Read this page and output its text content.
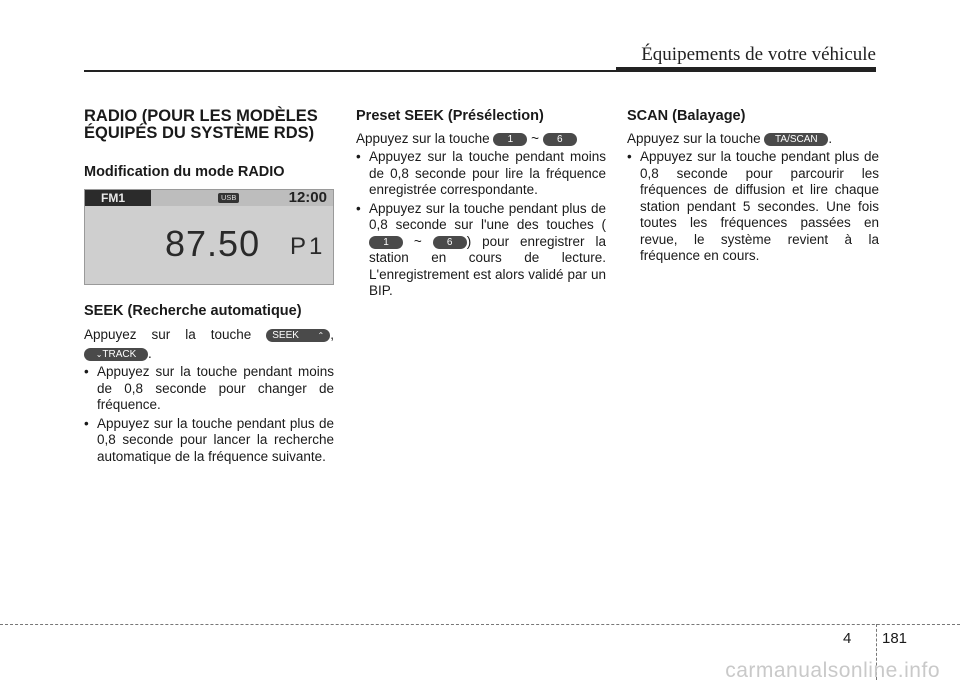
Équipements de votre véhicule
RADIO (POUR LES MODÈLES ÉQUIPÉS DU SYSTÈME RDS)
Modification du mode RADIO
FM1	USB	12:00
87.50 P1
SEEK (Recherche automatique)

Appuyez sur la touche SEEK ⌃ ,

⌄TRACK .

• Appuyez sur la touche pendant moins de 0,8 seconde pour changer de fréquence.
• Appuyez sur la touche pendant plus de 0,8 seconde pour lancer la recherche automatique de la fréquence suivante.
Preset SEEK (Présélection)

Appuyez sur la touche 1 ~ 6

• Appuyez sur la touche pendant moins de 0,8 seconde pour lire la fréquence enregistrée correspondante.
• Appuyez sur la touche pendant plus de 0,8 seconde sur l'une des touches (1 ~	6 ) pour enregistrer la station en cours de lecture. L'enregistrement est alors validé par un BIP.
SCAN (Balayage)

Appuyez sur la touche TA/SCAN .

• Appuyez sur la touche pendant plus de 0,8 seconde pour parcourir les fréquences de diffusion et lire chaque station pendant 5 secondes. Une fois toutes les fréquences passées en revue, le système revient à la fréquence en cours.
4 181
carmanualsonline.info
